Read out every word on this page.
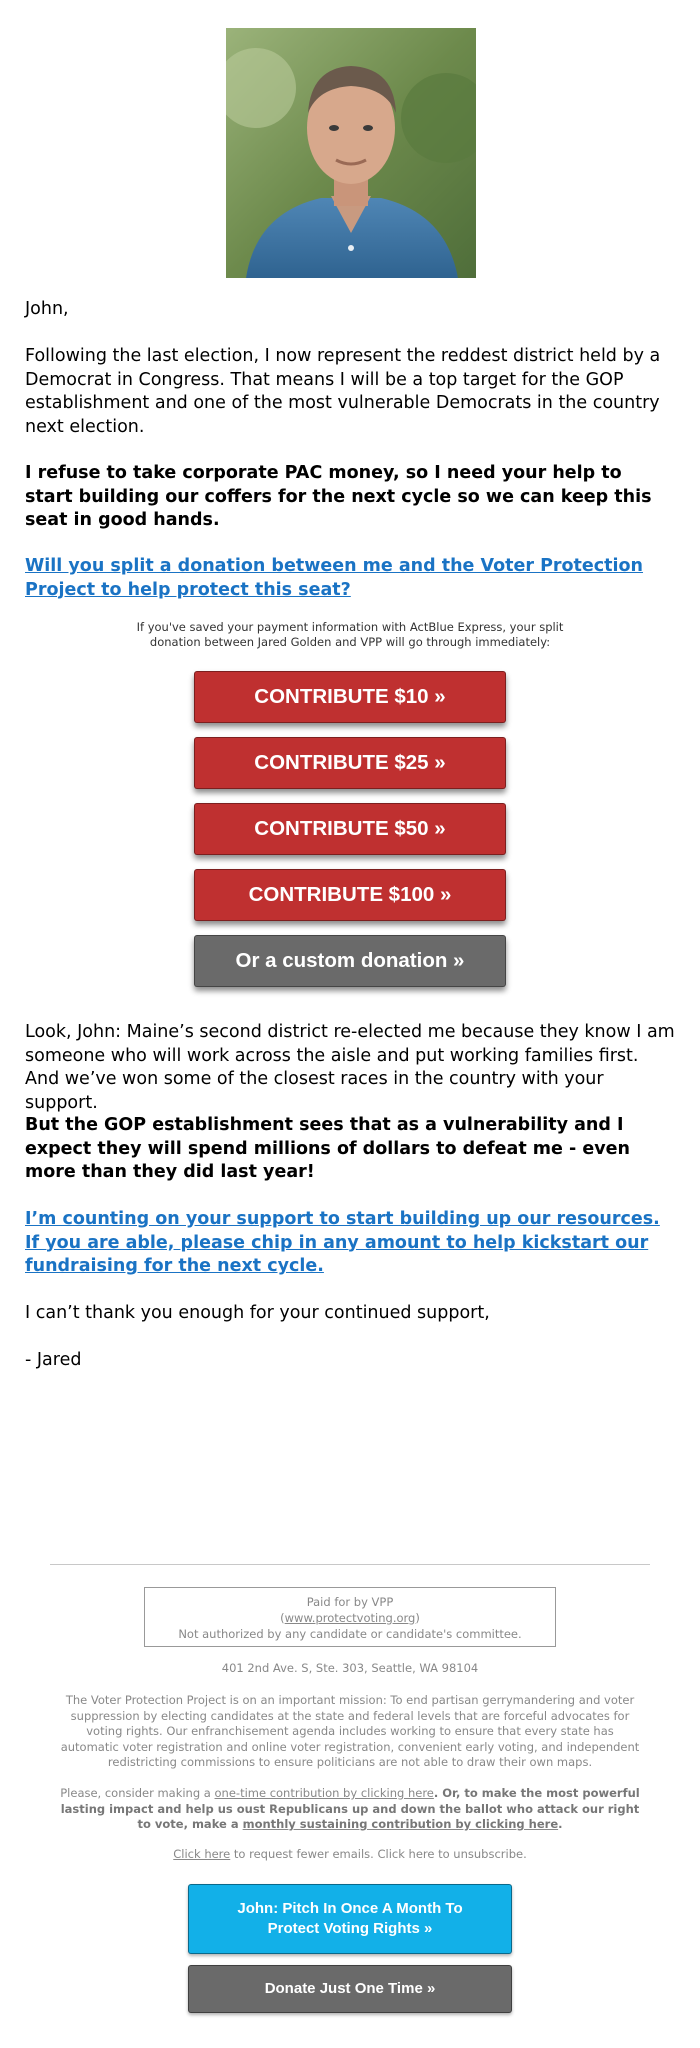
John,

Following the last election, I now represent the reddest district held by a Democrat in Congress. That means I will be a top target for the GOP establishment and one of the most vulnerable Democrats in the country next election.

I refuse to take corporate PAC money, so I need your help to start building our coffers for the next cycle so we can keep this seat in good hands.

Will you split a donation between me and the Voter Protection Project to help protect this seat?

If you've saved your payment information with ActBlue Express, your split donation between Jared Golden and VPP will go through immediately:
CONTRIBUTE $10 »
CONTRIBUTE $25 »
CONTRIBUTE $50 »
CONTRIBUTE $100 »
Or a custom donation »

Look, John: Maine’s second district re-elected me because they know I am someone who will work across the aisle and put working families first. And we’ve won some of the closest races in the country with your support.

But the GOP establishment sees that as a vulnerability and I expect they will spend millions of dollars to defeat me - even more than they did last year!

I’m counting on your support to start building up our resources. If you are able, please chip in any amount to help kickstart our fundraising for the next cycle.

I can’t thank you enough for your continued support,
- Jared
Paid for by VPP
(www.protectvoting.org)
Not authorized by any candidate or candidate's committee.
401 2nd Ave. S, Ste. 303, Seattle, WA 98104
The Voter Protection Project is on an important mission: To end partisan gerrymandering and voter suppression by electing candidates at the state and federal levels that are forceful advocates for voting rights. Our enfranchisement agenda includes working to ensure that every state has automatic voter registration and online voter registration, convenient early voting, and independent redistricting commissions to ensure politicians are not able to draw their own maps.
Please, consider making a one-time contribution by clicking here. Or, to make the most powerful lasting impact and help us oust Republicans up and down the ballot who attack our right to vote, make a monthly sustaining contribution by clicking here.
Click here to request fewer emails. Click here to unsubscribe.
John: Pitch In Once A Month To Protect Voting Rights »
Donate Just One Time »
